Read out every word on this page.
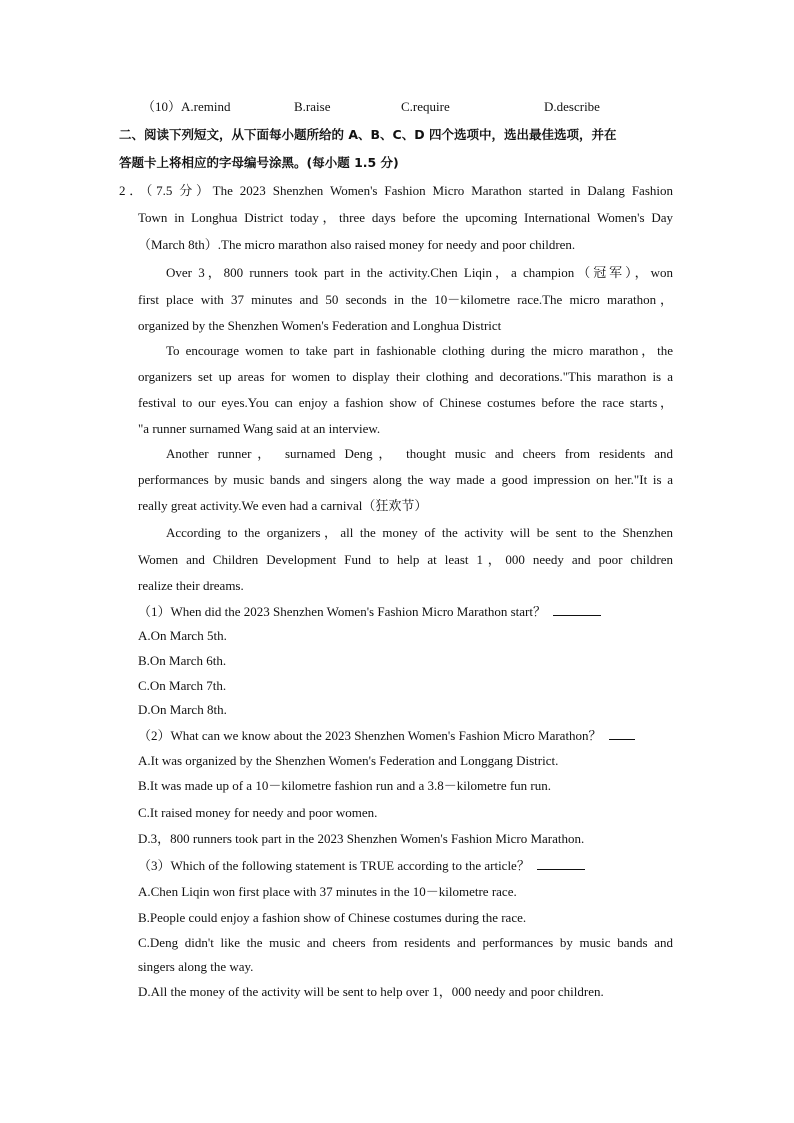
（10）A.remind	B.raise	C.require	D.describe
二、阅读下列短文，从下面每小题所给的 A、B、C、D 四个选项中，选出最佳选项，并在
答题卡上将相应的字母编号涂黑。(每小题 1.5 分)
2．（7.5 分）The 2023 Shenzhen Women's Fashion Micro Marathon started in Dalang Fashion
Town in Longhua District today，three days before the upcoming International Women's Day
（March 8th）.The micro marathon also raised money for needy and poor children.
Over 3，800 runners took part in the activity.Chen Liqin，a champion（冠军），won
first place with 37 minutes and 50 seconds in the 10－kilometre race.The micro marathon，
organized by the Shenzhen Women's Federation and Longhua District
To encourage women to take part in fashionable clothing during the micro marathon，the
organizers set up areas for women to display their clothing and decorations."This marathon is a
festival to our eyes.You can enjoy a fashion show of Chinese costumes before the race starts，
"a runner surnamed Wang said at an interview.
Another runner， surnamed Deng， thought music and cheers from residents and
performances by music bands and singers along the way made a good impression on her."It is a
really great activity.We even had a carnival（狂欢节）
According to the organizers，all the money of the activity will be sent to the Shenzhen
Women and Children Development Fund to help at least 1，000 needy and poor children
realize their dreams.
（1）When did the 2023 Shenzhen Women's Fashion Micro Marathon start？
A.On March 5th.
B.On March 6th.
C.On March 7th.
D.On March 8th.
（2）What can we know about the 2023 Shenzhen Women's Fashion Micro Marathon？
A.It was organized by the Shenzhen Women's Federation and Longgang District.
B.It was made up of a 10－kilometre fashion run and a 3.8－kilometre fun run.
C.It raised money for needy and poor women.
D.3，800 runners took part in the 2023 Shenzhen Women's Fashion Micro Marathon.
（3）Which of the following statement is TRUE according to the article？
A.Chen Liqin won first place with 37 minutes in the 10－kilometre race.
B.People could enjoy a fashion show of Chinese costumes during the race.
C.Deng didn't like the music and cheers from residents and performances by music bands and
singers along the way.
D.All the money of the activity will be sent to help over 1，000 needy and poor children.
